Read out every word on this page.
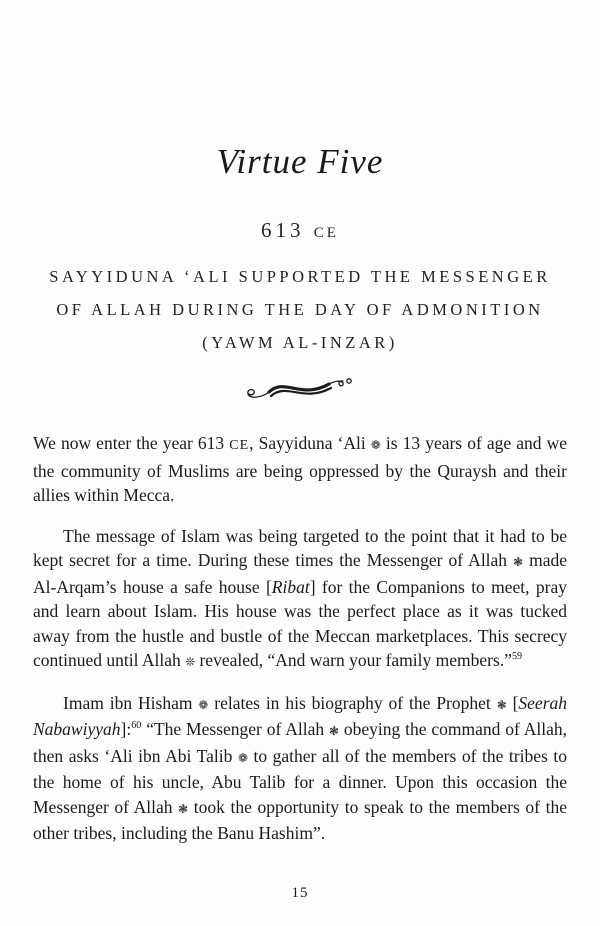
Virtue Five
613 CE
SAYYIDUNA ‘ALI SUPPORTED THE MESSENGER
OF ALLAH DURING THE DAY OF ADMONITION
(YAWM AL-INZAR)

We now enter the year 613 CE, Sayyiduna ‘Ali ❁ is 13 years of age and we the community of Muslims are being oppressed by the Quraysh and their allies within Mecca.

The message of Islam was being targeted to the point that it had to be kept secret for a time. During these times the Messenger of Allah ❃ made Al-Arqam’s house a safe house [Ribat] for the Companions to meet, pray and learn about Islam. His house was the perfect place as it was tucked away from the hustle and bustle of the Meccan marketplaces. This secrecy continued until Allah ❊ revealed, “And warn your family members.”$^{59}$

Imam ibn Hisham ❁ relates in his biography of the Prophet ❃ [Seerah Nabawiyyah]:$^{60}$ “The Messenger of Allah ❃ obeying the command of Allah, then asks ‘Ali ibn Abi Talib ❁ to gather all of the members of the tribes to the home of his uncle, Abu Talib for a dinner. Upon this occasion the Messenger of Allah ❃ took the opportunity to speak to the members of the other tribes, including the Banu Hashim”.

15
